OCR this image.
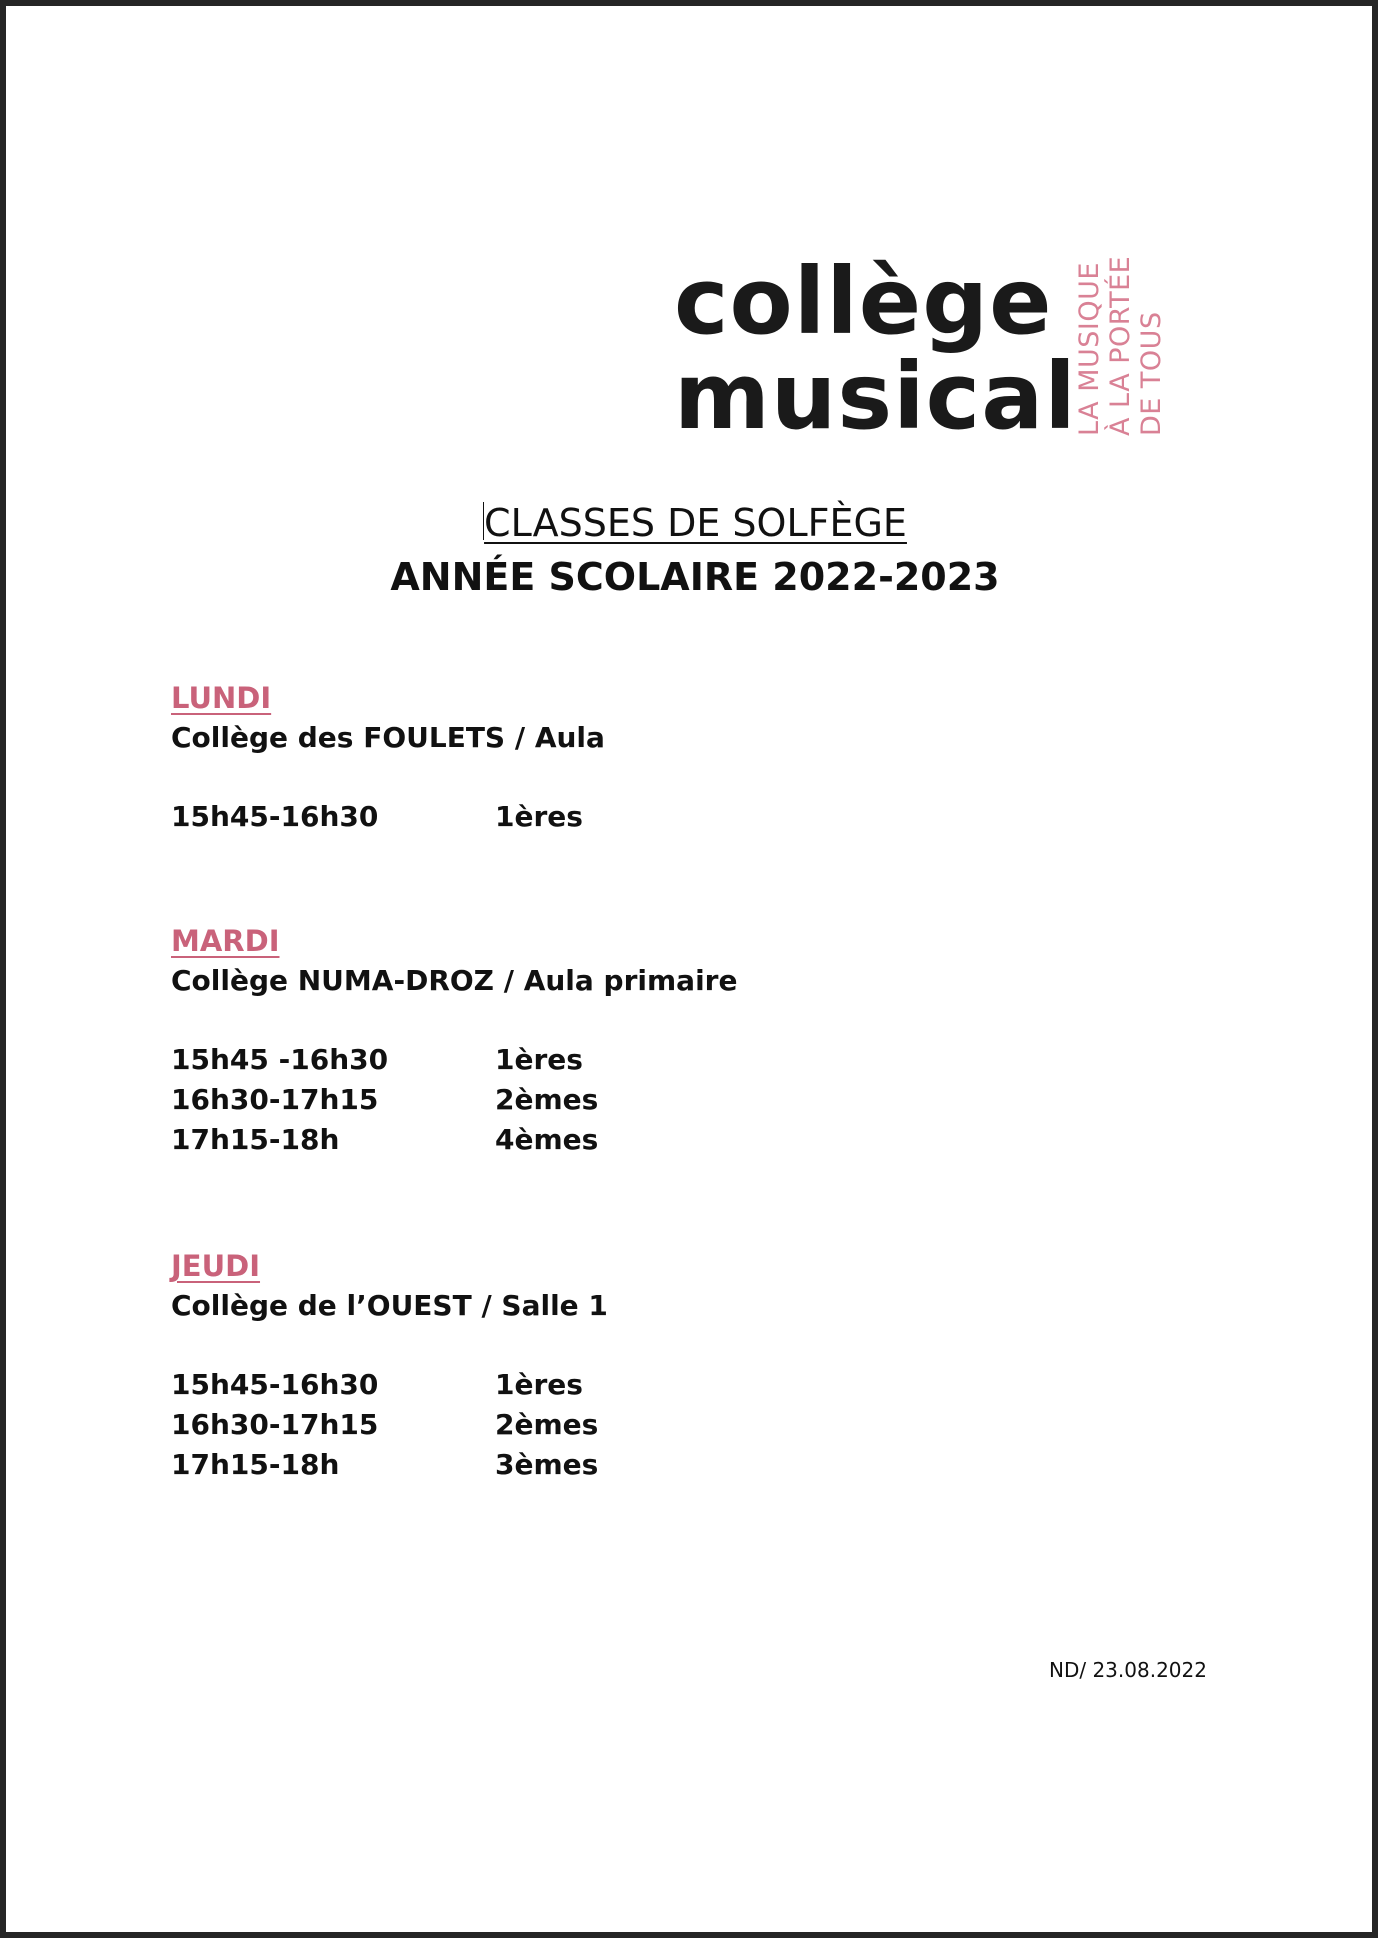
collège
musical
LA MUSIQUE À LA PORTÉE DE TOUS
CLASSES DE SOLFÈGE
ANNÉE SCOLAIRE 2022-2023
LUNDI
Collège des FOULETS / Aula
15h45-16h30	1ères
MARDI
Collège NUMA-DROZ / Aula primaire
15h45 -16h30	1ères
16h30-17h15	2èmes
17h15-18h	4èmes
JEUDI
Collège de l’OUEST / Salle 1
15h45-16h30	1ères
16h30-17h15	2èmes
17h15-18h	3èmes
ND/ 23.08.2022
